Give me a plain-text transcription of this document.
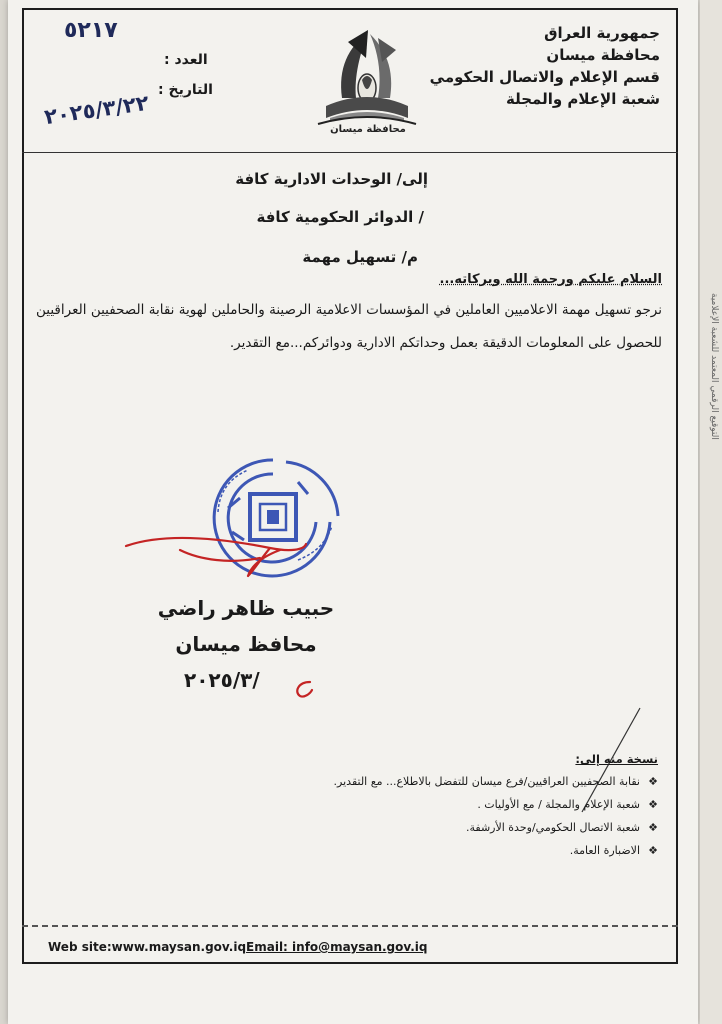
جمهورية العراق
محافظة ميسان
قسم الإعلام والاتصال الحكومي
شعبة الإعلام والمجلة
محافظة ميسان
٥٢١٧
العدد :
التاريخ :
٢٠٢٥/٣/٢٢
إلى/ الوحدات الادارية كافة
/ الدوائر الحكومية كافة
م/ تسهيل مهمة
السلام عليكم ورحمة الله وبركاته...
نرجو تسهيل مهمة الاعلاميين العاملين في المؤسسات الاعلامية الرصينة والحاملين لهوية نقابة الصحفيين العراقيين للحصول على المعلومات الدقيقة بعمل وحداتكم الادارية ودوائركم...مع التقدير.
حبيب ظاهر راضي
محافظ ميسان
٢٠٢٥/٣/
نسخة منه إلى:
❖
نقابة الصحفيين العراقيين/فرع ميسان للتفضل بالاطلاع... مع التقدير.
❖
شعبة الإعلام والمجلة / مع الأوليات .
❖
شعبة الاتصال الحكومي/وحدة الأرشفة.
❖
الاضبارة العامة.
Web site:www.maysan.gov.iqEmail: info@maysan.gov.iq
التوقيع الرقمي المعتمد للشعبة الإعلامية
